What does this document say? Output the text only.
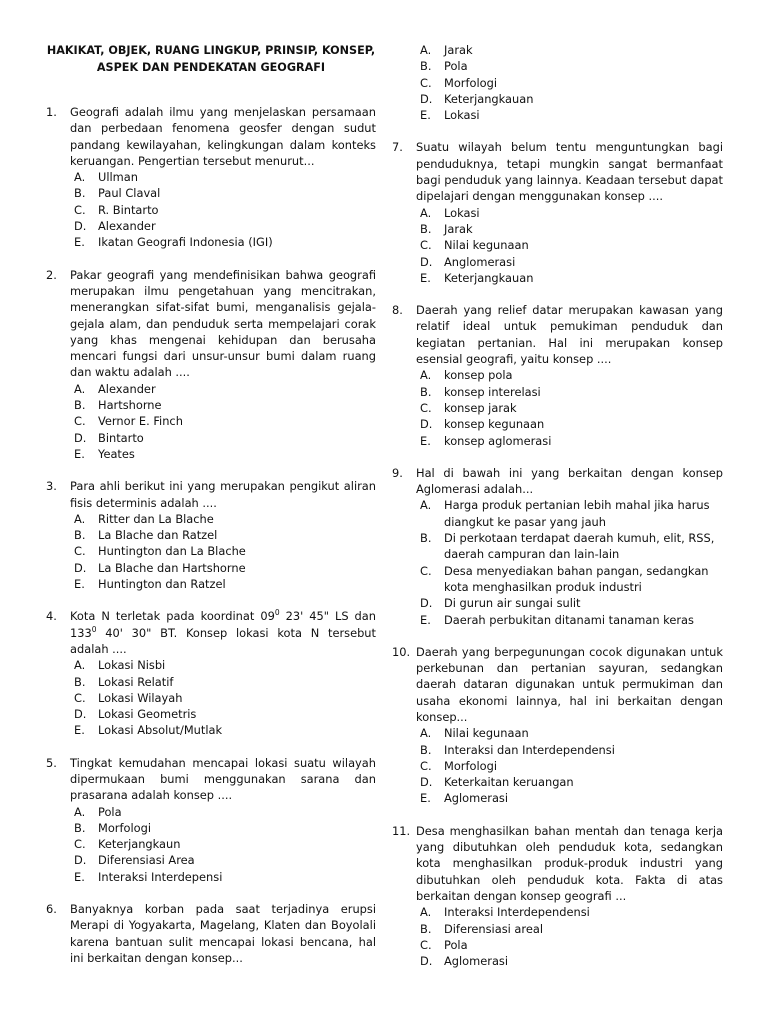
HAKIKAT, OBJEK, RUANG LINGKUP, PRINSIP, KONSEP,
ASPEK DAN PENDEKATAN GEOGRAFI
1. Geografi adalah ilmu yang menjelaskan persamaan dan perbedaan fenomena geosfer dengan sudut pandang kewilayahan, kelingkungan dalam konteks keruangan. Pengertian tersebut menurut...
A. Ullman
B. Paul Claval
C. R. Bintarto
D. Alexander
E. Ikatan Geografi Indonesia (IGI)
2. Pakar geografi yang mendefinisikan bahwa geografi merupakan ilmu pengetahuan yang mencitrakan, menerangkan sifat-sifat bumi, menganalisis gejala-gejala alam, dan penduduk serta mempelajari corak yang khas mengenai kehidupan dan berusaha mencari fungsi dari unsur-unsur bumi dalam ruang dan waktu adalah ....
A. Alexander
B. Hartshorne
C. Vernor E. Finch
D. Bintarto
E. Yeates
3. Para ahli berikut ini yang merupakan pengikut aliran fisis determinis adalah ....
A. Ritter dan La Blache
B. La Blache dan Ratzel
C. Huntington dan La Blache
D. La Blache dan Hartshorne
E. Huntington dan Ratzel
4. Kota N terletak pada koordinat $09^0$ 23' 45" LS dan $133^0$ 40' 30" BT. Konsep lokasi kota N tersebut adalah ....
A. Lokasi Nisbi
B. Lokasi Relatif
C. Lokasi Wilayah
D. Lokasi Geometris
E. Lokasi Absolut/Mutlak
5. Tingkat kemudahan mencapai lokasi suatu wilayah dipermukaan bumi menggunakan sarana dan prasarana adalah konsep ....
A. Pola
B. Morfologi
C. Keterjangkaun
D. Diferensiasi Area
E. Interaksi Interdepensi
6. Banyaknya korban pada saat terjadinya erupsi Merapi di Yogyakarta, Magelang, Klaten dan Boyolali karena bantuan sulit mencapai lokasi bencana, hal ini berkaitan dengan konsep...
A. Jarak
B. Pola
C. Morfologi
D. Keterjangkauan
E. Lokasi
7. Suatu wilayah belum tentu menguntungkan bagi penduduknya, tetapi mungkin sangat bermanfaat bagi penduduk yang lainnya. Keadaan tersebut dapat dipelajari dengan menggunakan konsep ....
A. Lokasi
B. Jarak
C. Nilai kegunaan
D. Anglomerasi
E. Keterjangkauan
8. Daerah yang relief datar merupakan kawasan yang relatif ideal untuk pemukiman penduduk dan kegiatan pertanian. Hal ini merupakan konsep esensial geografi, yaitu konsep ....
A. konsep pola
B. konsep interelasi
C. konsep jarak
D. konsep kegunaan
E. konsep aglomerasi
9. Hal di bawah ini yang berkaitan dengan konsep Aglomerasi adalah...
A. Harga produk pertanian lebih mahal jika harus diangkut ke pasar yang jauh
B. Di perkotaan terdapat daerah kumuh, elit, RSS, daerah campuran dan lain-lain
C. Desa menyediakan bahan pangan, sedangkan kota menghasilkan produk industri
D. Di gurun air sungai sulit
E. Daerah perbukitan ditanami tanaman keras
10. Daerah yang berpegunungan cocok digunakan untuk perkebunan dan pertanian sayuran, sedangkan daerah dataran digunakan untuk permukiman dan usaha ekonomi lainnya, hal ini berkaitan dengan konsep...
A. Nilai kegunaan
B. Interaksi dan Interdependensi
C. Morfologi
D. Keterkaitan keruangan
E. Aglomerasi
11. Desa menghasilkan bahan mentah dan tenaga kerja yang dibutuhkan oleh penduduk kota, sedangkan kota menghasilkan produk-produk industri yang dibutuhkan oleh penduduk kota. Fakta di atas berkaitan dengan konsep geografi ...
A. Interaksi Interdependensi
B. Diferensiasi areal
C. Pola
D. Aglomerasi
